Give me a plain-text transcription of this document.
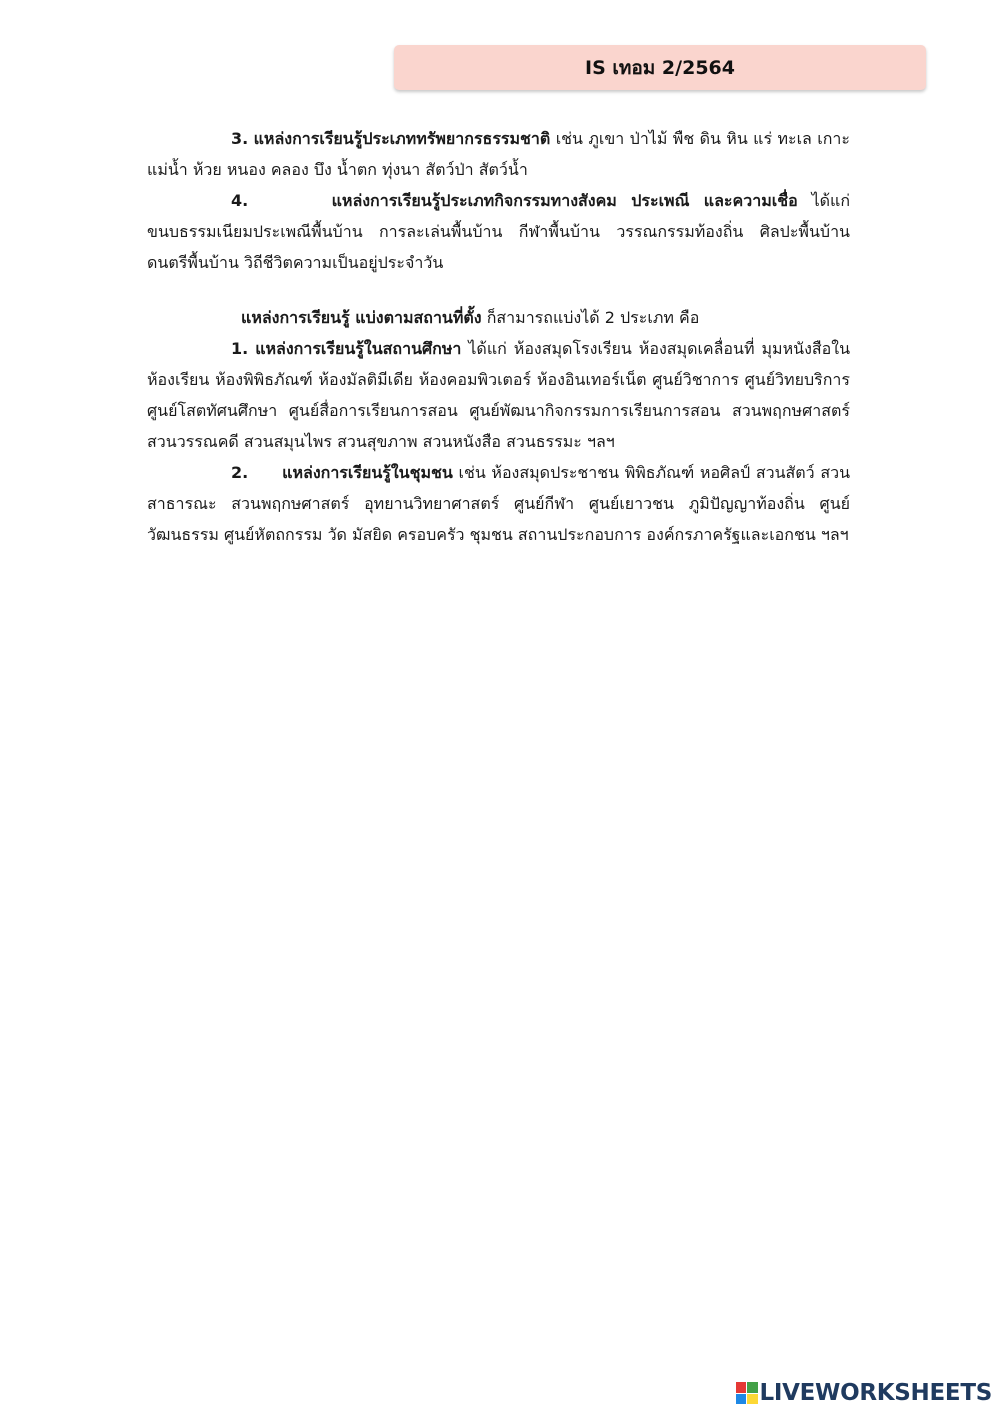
IS เทอม 2/2564

3. แหล่งการเรียนรู้ประเภททรัพยากรธรรมชาติ เช่น ภูเขา ป่าไม้ พืช ดิน หิน แร่ ทะเล เกาะ แม่น้ำ ห้วย หนอง คลอง บึง น้ำตก ทุ่งนา สัตว์ป่า สัตว์น้ำ

4.	แหล่งการเรียนรู้ประเภทกิจกรรมทางสังคม ประเพณี และความเชื่อ ได้แก่ ขนบธรรมเนียมประเพณีพื้นบ้าน การละเล่นพื้นบ้าน กีฬาพื้นบ้าน วรรณกรรมท้องถิ่น ศิลปะพื้นบ้าน ดนตรีพื้นบ้าน วิถีชีวิตความเป็นอยู่ประจำวัน

แหล่งการเรียนรู้ แบ่งตามสถานที่ตั้ง ก็สามารถแบ่งได้ 2 ประเภท คือ

1. แหล่งการเรียนรู้ในสถานศึกษา ได้แก่ ห้องสมุดโรงเรียน ห้องสมุดเคลื่อนที่ มุมหนังสือในห้องเรียน ห้องพิพิธภัณฑ์ ห้องมัลติมีเดีย ห้องคอมพิวเตอร์ ห้องอินเทอร์เน็ต ศูนย์วิชาการ ศูนย์วิทยบริการ ศูนย์โสตทัศนศึกษา ศูนย์สื่อการเรียนการสอน ศูนย์พัฒนากิจกรรมการเรียนการสอน สวนพฤกษศาสตร์ สวนวรรณคดี สวนสมุนไพร สวนสุขภาพ สวนหนังสือ สวนธรรมะ ฯลฯ

2. แหล่งการเรียนรู้ในชุมชน เช่น ห้องสมุดประชาชน พิพิธภัณฑ์ หอศิลป์ สวนสัตว์ สวนสาธารณะ สวนพฤกษศาสตร์ อุทยานวิทยาศาสตร์ ศูนย์กีฬา ศูนย์เยาวชน ภูมิปัญญาท้องถิ่น ศูนย์วัฒนธรรม ศูนย์หัตถกรรม วัด มัสยิด ครอบครัว ชุมชน สถานประกอบการ องค์กรภาครัฐและเอกชน ฯลฯ

LIVEWORKSHEETS
